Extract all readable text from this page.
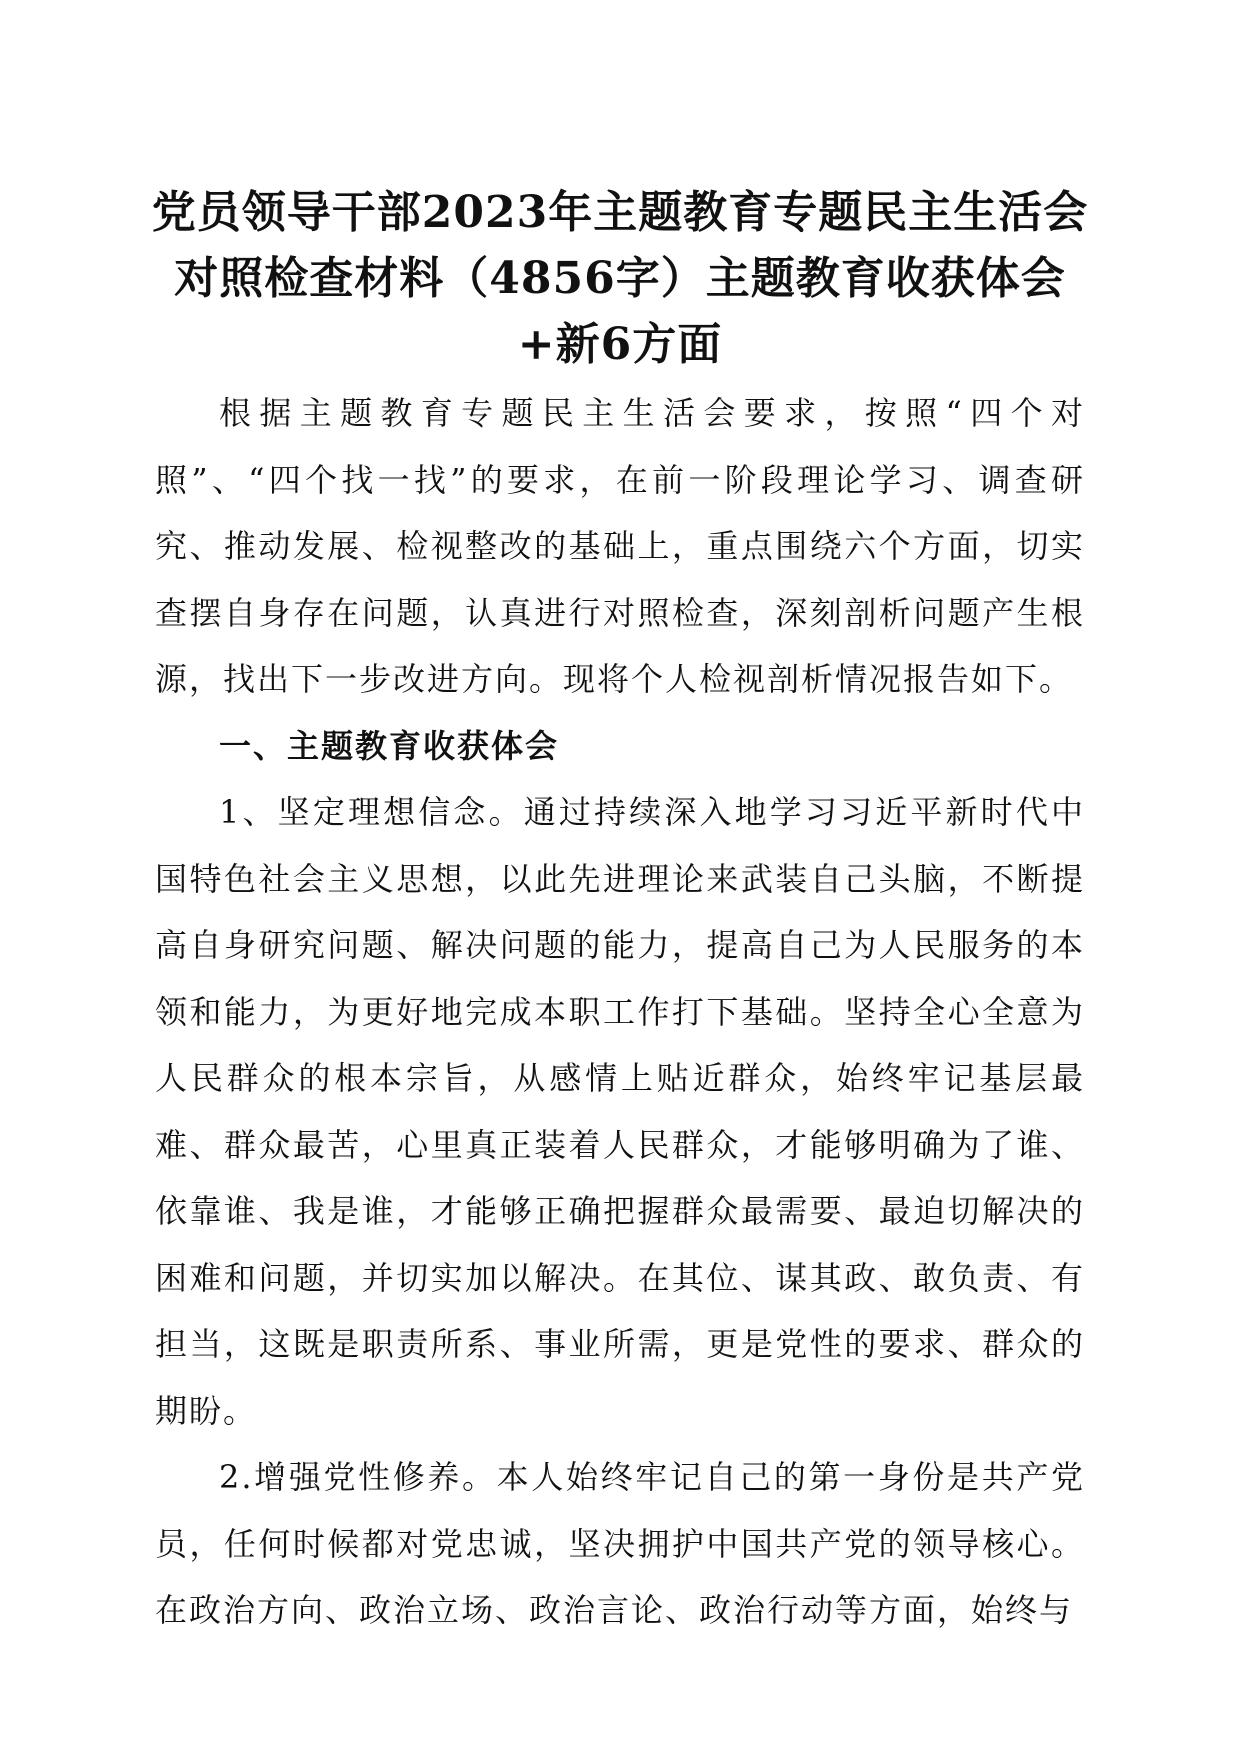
党员领导干部2023年主题教育专题民主生活会对照检查材料（4856字）主题教育收获体会+新6方面

根据主题教育专题民主生活会要求，按照“四个对照”、“四个找一找”的要求，在前一阶段理论学习、调查研究、推动发展、检视整改的基础上，重点围绕六个方面，切实查摆自身存在问题，认真进行对照检查，深刻剖析问题产生根源，找出下一步改进方向。现将个人检视剖析情况报告如下。

一、主题教育收获体会

1、坚定理想信念。通过持续深入地学习习近平新时代中国特色社会主义思想，以此先进理论来武装自己头脑，不断提高自身研究问题、解决问题的能力，提高自己为人民服务的本领和能力，为更好地完成本职工作打下基础。坚持全心全意为人民群众的根本宗旨，从感情上贴近群众，始终牢记基层最难、群众最苦，心里真正装着人民群众，才能够明确为了谁、依靠谁、我是谁，才能够正确把握群众最需要、最迫切解决的困难和问题，并切实加以解决。在其位、谋其政、敢负责、有担当，这既是职责所系、事业所需，更是党性的要求、群众的期盼。

2.增强党性修养。本人始终牢记自己的第一身份是共产党员，任何时候都对党忠诚，坚决拥护中国共产党的领导核心。在政治方向、政治立场、政治言论、政治行动等方面，始终与
